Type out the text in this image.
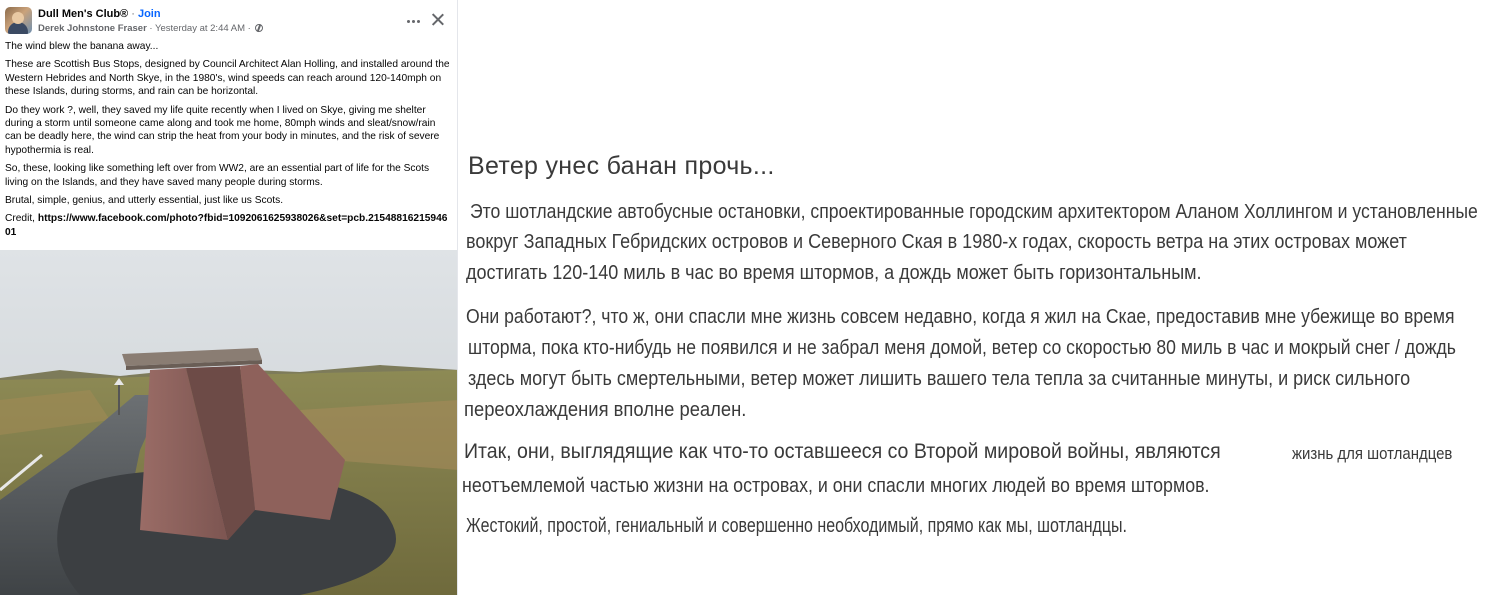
Dull Men's Club® · Join
Derek Johnstone Fraser · Yesterday at 2:44 AM ·

The wind blew the banana away...

These are Scottish Bus Stops, designed by Council Architect Alan Holling, and installed around the Western Hebrides and North Skye, in the 1980's, wind speeds can reach around 120-140mph on these Islands, during storms, and rain can be horizontal.

Do they work ?, well, they saved my life quite recently when I lived on Skye, giving me shelter during a storm until someone came along and took me home, 80mph winds and sleat/snow/rain can be deadly here, the wind can strip the heat from your body in minutes, and the risk of severe hypothermia is real.

So, these, looking like something left over from WW2, are an essential part of life for the Scots living on the Islands, and they have saved many people during storms.

Brutal, simple, genius, and utterly essential, just like us Scots.

Credit, https://www.facebook.com/photo?fbid=1092061625938026&set=pcb.2154881621594601

Ветер унес банан прочь...
Это шотландские автобусные остановки, спроектированные городским архитектором Аланом Холлингом и установленные
вокруг Западных Гебридских островов и Северного Ская в 1980-х годах, скорость ветра на этих островах может
достигать 120-140 миль в час во время штормов, а дождь может быть горизонтальным.
Они работают?, что ж, они спасли мне жизнь совсем недавно, когда я жил на Скае, предоставив мне убежище во время
шторма, пока кто-нибудь не появился и не забрал меня домой, ветер со скоростью 80 миль в час и мокрый снег / дождь
здесь могут быть смертельными, ветер может лишить вашего тела тепла за считанные минуты, и риск сильного
переохлаждения вполне реален.
Итак, они, выглядящие как что-то оставшееся со Второй мировой войны, являются	жизнь для шотландцев
неотъемлемой частью жизни на островах, и они спасли многих людей во время штормов.
Жестокий, простой, гениальный и совершенно необходимый, прямо как мы, шотландцы.
